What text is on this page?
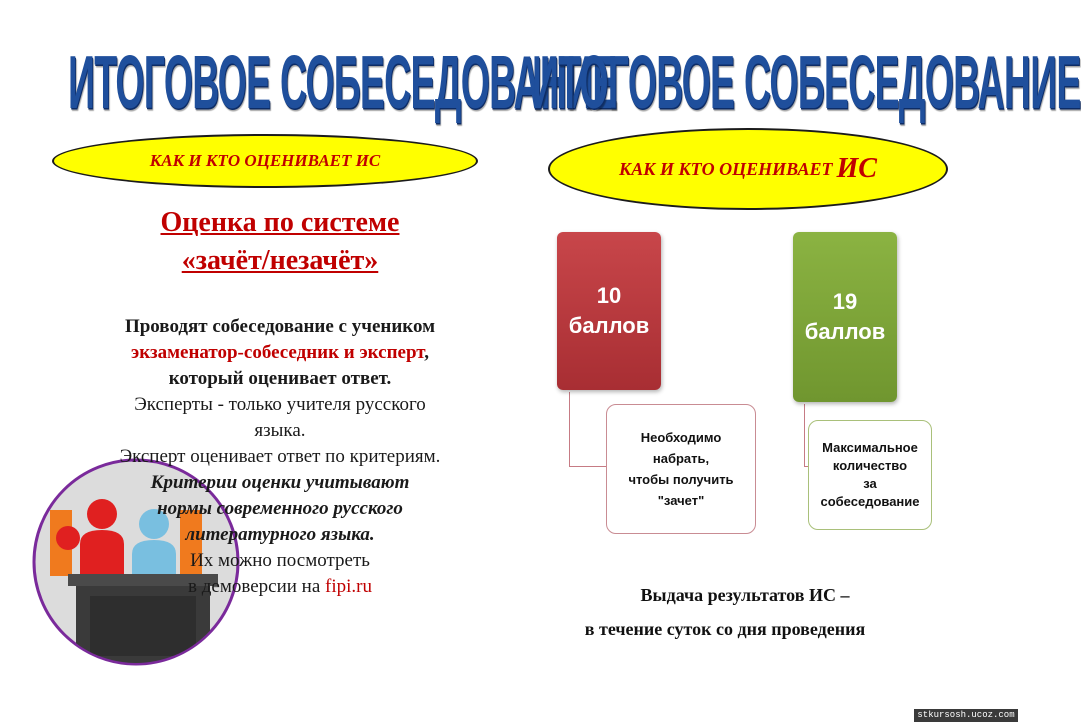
ИТОГОВОЕ СОБЕСЕДОВАНИЕ
КАК И КТО ОЦЕНИВАЕТ ИС
Оценка по системе
«зачёт/незачёт»
Проводят собеседование с учеником
экзаменатор-собеседник и эксперт,
который оценивает ответ.
Эксперты - только учителя русского
языка.
Эксперт оценивает ответ по критериям.
Критерии оценки учитывают
нормы современного русского
литературного языка.
Их можно посмотреть
в демоверсии на fipi.ru
ИТОГОВОЕ СОБЕСЕДОВАНИЕ
КАК И КТО ОЦЕНИВАЕТ ИС
10
баллов
19
баллов
Необходимо
набрать,
чтобы получить
"зачет"
Максимальное
количество
за
собеседование
Выдача результатов ИС –
в течение суток со дня проведения
stkursosh.ucoz.com
